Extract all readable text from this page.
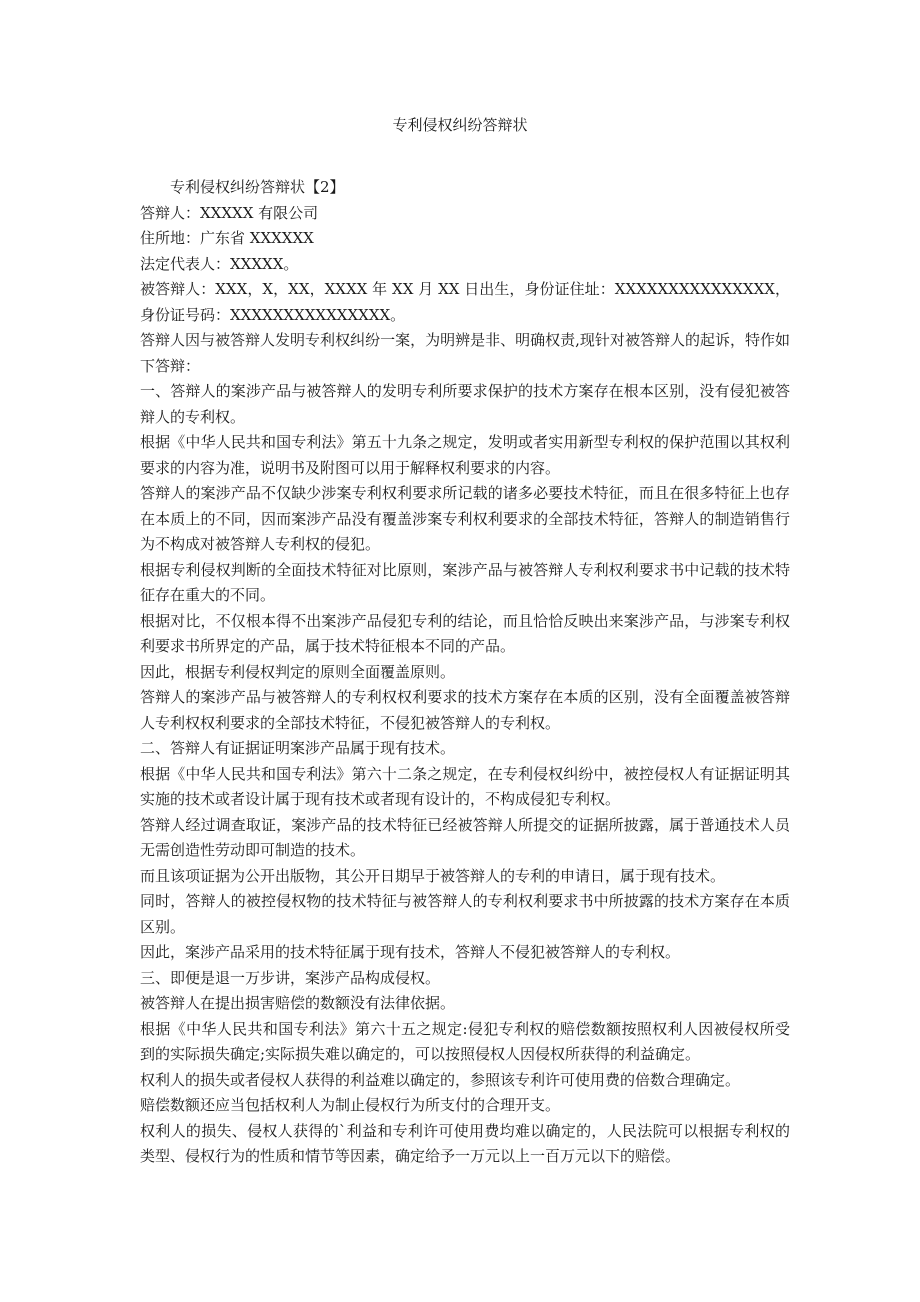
专利侵权纠纷答辩状

专利侵权纠纷答辩状【2】

答辩人：XXXXX 有限公司

住所地：广东省 XXXXXX

法定代表人：XXXXX。

被答辩人：XXX，X，XX，XXXX 年 XX 月 XX 日出生，身份证住址：XXXXXXXXXXXXXXX，身份证号码：XXXXXXXXXXXXXXX。

答辩人因与被答辩人发明专利权纠纷一案，为明辨是非、明确权责,现针对被答辩人的起诉，特作如下答辩：

一、答辩人的案涉产品与被答辩人的发明专利所要求保护的技术方案存在根本区别，没有侵犯被答辩人的专利权。

根据《中华人民共和国专利法》第五十九条之规定，发明或者实用新型专利权的保护范围以其权利要求的内容为准，说明书及附图可以用于解释权利要求的内容。

答辩人的案涉产品不仅缺少涉案专利权利要求所记载的诸多必要技术特征，而且在很多特征上也存在本质上的不同，因而案涉产品没有覆盖涉案专利权利要求的全部技术特征，答辩人的制造销售行为不构成对被答辩人专利权的侵犯。

根据专利侵权判断的全面技术特征对比原则，案涉产品与被答辩人专利权利要求书中记载的技术特征存在重大的不同。

根据对比，不仅根本得不出案涉产品侵犯专利的结论，而且恰恰反映出来案涉产品，与涉案专利权利要求书所界定的产品，属于技术特征根本不同的产品。

因此，根据专利侵权判定的原则全面覆盖原则。

答辩人的案涉产品与被答辩人的专利权权利要求的技术方案存在本质的区别，没有全面覆盖被答辩人专利权权利要求的全部技术特征，不侵犯被答辩人的专利权。

二、答辩人有证据证明案涉产品属于现有技术。

根据《中华人民共和国专利法》第六十二条之规定，在专利侵权纠纷中，被控侵权人有证据证明其实施的技术或者设计属于现有技术或者现有设计的，不构成侵犯专利权。

答辩人经过调查取证，案涉产品的技术特征已经被答辩人所提交的证据所披露，属于普通技术人员无需创造性劳动即可制造的技术。

而且该项证据为公开出版物，其公开日期早于被答辩人的专利的申请日，属于现有技术。

同时，答辩人的被控侵权物的技术特征与被答辩人的专利权利要求书中所披露的技术方案存在本质区别。

因此，案涉产品采用的技术特征属于现有技术，答辩人不侵犯被答辩人的专利权。

三、即便是退一万步讲，案涉产品构成侵权。

被答辩人在提出损害赔偿的数额没有法律依据。

根据《中华人民共和国专利法》第六十五之规定:侵犯专利权的赔偿数额按照权利人因被侵权所受到的实际损失确定;实际损失难以确定的，可以按照侵权人因侵权所获得的利益确定。

权利人的损失或者侵权人获得的利益难以确定的，参照该专利许可使用费的倍数合理确定。

赔偿数额还应当包括权利人为制止侵权行为所支付的合理开支。

权利人的损失、侵权人获得的`利益和专利许可使用费均难以确定的，人民法院可以根据专利权的类型、侵权行为的性质和情节等因素，确定给予一万元以上一百万元以下的赔偿。
